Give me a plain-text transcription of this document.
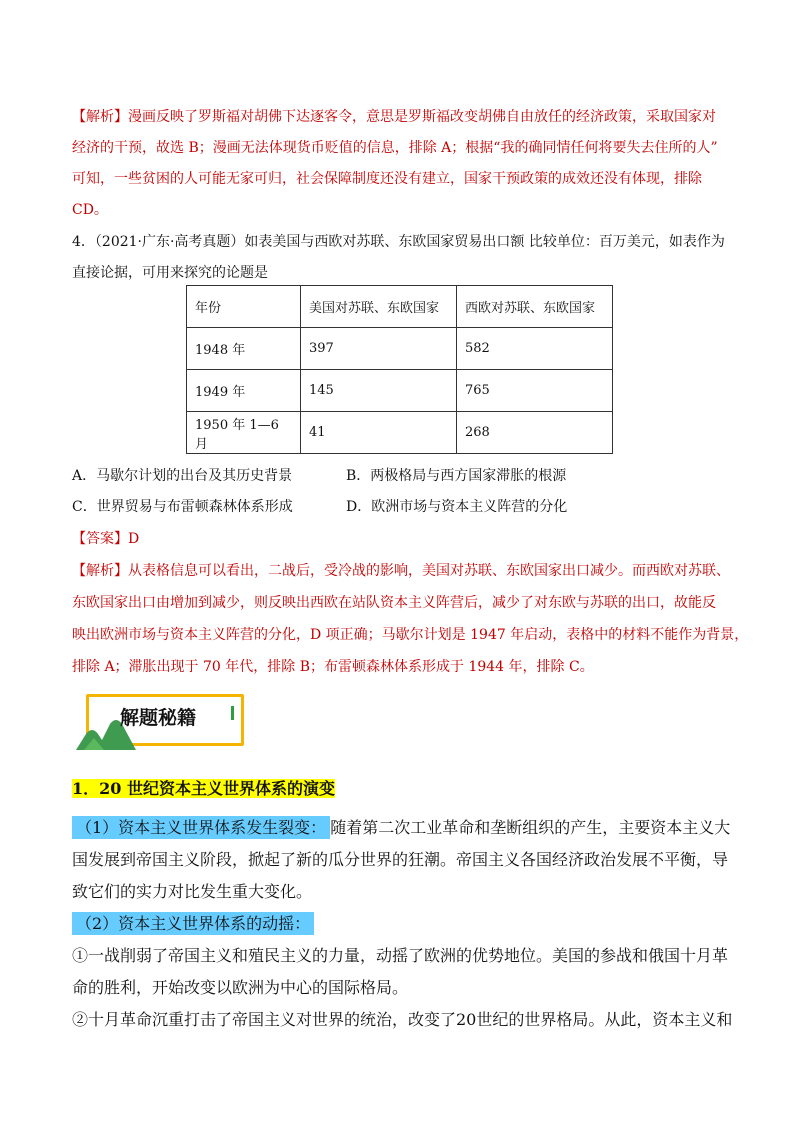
【解析】漫画反映了罗斯福对胡佛下达逐客令，意思是罗斯福改变胡佛自由放任的经济政策，采取国家对
经济的干预，故选 B；漫画无法体现货币贬值的信息，排除 A；根据“我的确同情任何将要失去住所的人”
可知，一些贫困的人可能无家可归，社会保障制度还没有建立，国家干预政策的成效还没有体现，排除
CD。
4．（2021·广东·高考真题）如表美国与西欧对苏联、东欧国家贸易出口额 比较单位：百万美元，如表作为
直接论据，可用来探究的论题是
年份	美国对苏联、东欧国家	西欧对苏联、东欧国家
1948 年	397	582
1949 年	145	765
1950 年 1—6 月	41	268
A．马歇尔计划的出台及其历史背景	B．两极格局与西方国家滞胀的根源
C．世界贸易与布雷顿森林体系形成	D．欧洲市场与资本主义阵营的分化
【答案】D
【解析】从表格信息可以看出，二战后，受冷战的影响，美国对苏联、东欧国家出口减少。而西欧对苏联、
东欧国家出口由增加到减少，则反映出西欧在站队资本主义阵营后，减少了对东欧与苏联的出口，故能反
映出欧洲市场与资本主义阵营的分化，D 项正确；马歇尔计划是 1947 年启动，表格中的材料不能作为背景，
排除 A；滞胀出现于 70 年代，排除 B；布雷顿森林体系形成于 1944 年，排除 C。
解题秘籍
1．20 世纪资本主义世界体系的演变
（1）资本主义世界体系发生裂变： 随着第二次工业革命和垄断组织的产生，主要资本主义大
国发展到帝国主义阶段，掀起了新的瓜分世界的狂潮。帝国主义各国经济政治发展不平衡，导
致它们的实力对比发生重大变化。
（2）资本主义世界体系的动摇：
①一战削弱了帝国主义和殖民主义的力量，动摇了欧洲的优势地位。美国的参战和俄国十月革
命的胜利，开始改变以欧洲为中心的国际格局。
②十月革命沉重打击了帝国主义对世界的统治，改变了20世纪的世界格局。从此，资本主义和
